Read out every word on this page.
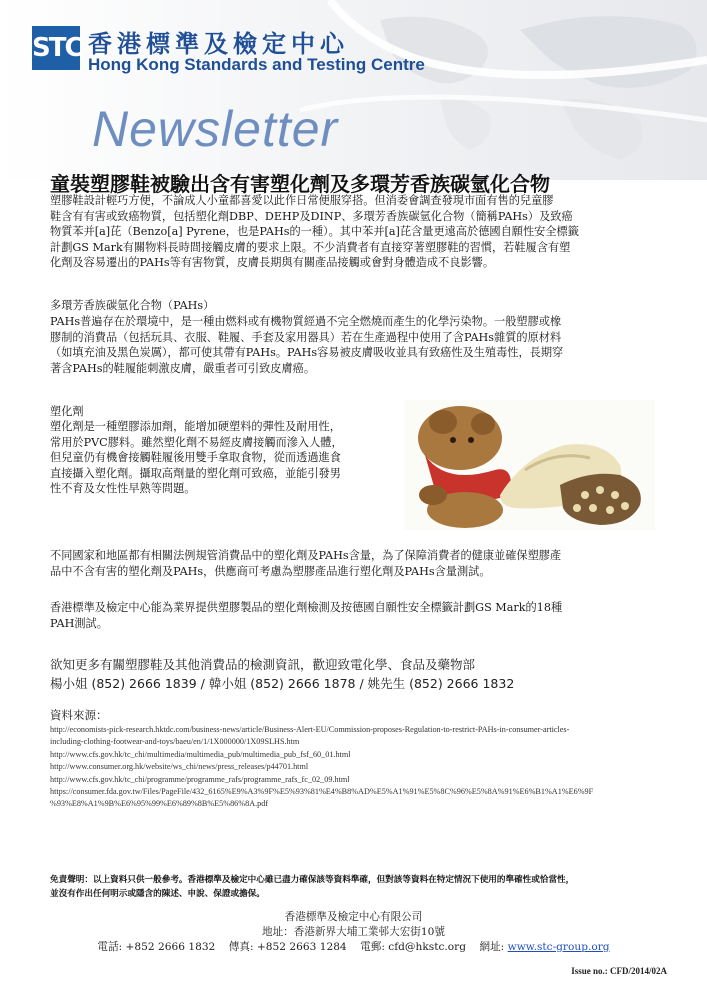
STC 香港標準及檢定中心
Hong Kong Standards and Testing Centre
Newsletter
童裝塑膠鞋被驗出含有害塑化劑及多環芳香族碳氫化合物
塑膠鞋設計輕巧方便，不論成人小童都喜愛以此作日常便服穿搭。但消委會調查發現市面有售的兒童膠
鞋含有有害或致癌物質，包括塑化劑DBP、DEHP及DINP、多環芳香族碳氫化合物（簡稱PAHs）及致癌
物質苯并[a]芘（Benzo[a] Pyrene，也是PAHs的一種）。其中苯并[a]芘含量更遠高於德國自願性安全標籤
計劃GS Mark有關物料長時間接觸皮膚的要求上限。不少消費者有直接穿著塑膠鞋的習慣，若鞋履含有塑
化劑及容易遷出的PAHs等有害物質，皮膚長期與有關產品接觸或會對身體造成不良影響。
多環芳香族碳氫化合物（PAHs）
PAHs普遍存在於環境中，是一種由燃料或有機物質經過不完全燃燒而產生的化學污染物。一般塑膠或橡
膠制的消費品（包括玩具、衣服、鞋履、手套及家用器具）若在生產過程中使用了含PAHs雜質的原材料
（如填充油及黑色炭厲），都可使其帶有PAHs。PAHs容易被皮膚吸收並具有致癌性及生殖毒性，長期穿
著含PAHs的鞋履能刺激皮膚，嚴重者可引致皮膚癌。
塑化劑
塑化劑是一種塑膠添加劑，能增加硬塑料的彈性及耐用性，
常用於PVC膠料。雖然塑化劑不易經皮膚接觸而滲入人體，
但兒童仍有機會接觸鞋履後用雙手拿取食物，從而透過進食
直接攝入塑化劑。攝取高劑量的塑化劑可致癌，並能引發男
性不育及女性性早熟等問題。
不同國家和地區都有相關法例規管消費品中的塑化劑及PAHs含量，為了保障消費者的健康並確保塑膠產
品中不含有害的塑化劑及PAHs，供應商可考慮為塑膠產品進行塑化劑及PAHs含量測試。
香港標準及檢定中心能為業界提供塑膠製品的塑化劑檢測及按德國自願性安全標籤計劃GS Mark的18種
PAH測試。
欲知更多有關塑膠鞋及其他消費品的檢測資訊，歡迎致電化學、食品及藥物部
楊小姐 (852) 2666 1839 / 韓小姐 (852) 2666 1878 / 姚先生 (852) 2666 1832
資料來源：
http://economists-pick-research.hktdc.com/business-news/article/Business-Alert-EU/Commission-proposes-Regulation-to-restrict-PAHs-in-consumer-articles-
including-clothing-footwear-and-toys/baeu/en/1/1X000000/1X09SLHS.htm
http://www.cfs.gov.hk/tc_chi/multimedia/multimedia_pub/multimedia_pub_fsf_60_01.html
http://www.consumer.org.hk/website/ws_chi/news/press_releases/p44701.html
http://www.cfs.gov.hk/tc_chi/programme/programme_rafs/programme_rafs_fc_02_09.html
https://consumer.fda.gov.tw/Files/PageFile/432_6165%E9%A3%9F%E5%93%81%E4%B8%AD%E5%A1%91%E5%8C%96%E5%8A%91%E6%B1%A1%E6%9F
%93%E8%A1%9B%E6%95%99%E6%89%8B%E5%86%8A.pdf
免責聲明：以上資料只供一般參考。香港標準及檢定中心雖已盡力確保該等資料準確，但對該等資料在特定情況下使用的準確性或恰當性，
並沒有作出任何明示或隱含的陳述、申說、保證或擔保。
香港標準及檢定中心有限公司
地址：香港新界大埔工業邨大宏街10號
電話: +852 2666 1832 傳真: +852 2663 1284 電郵: cfd@hkstc.org 網址: www.stc-group.org
Issue no.: CFD/2014/02A
